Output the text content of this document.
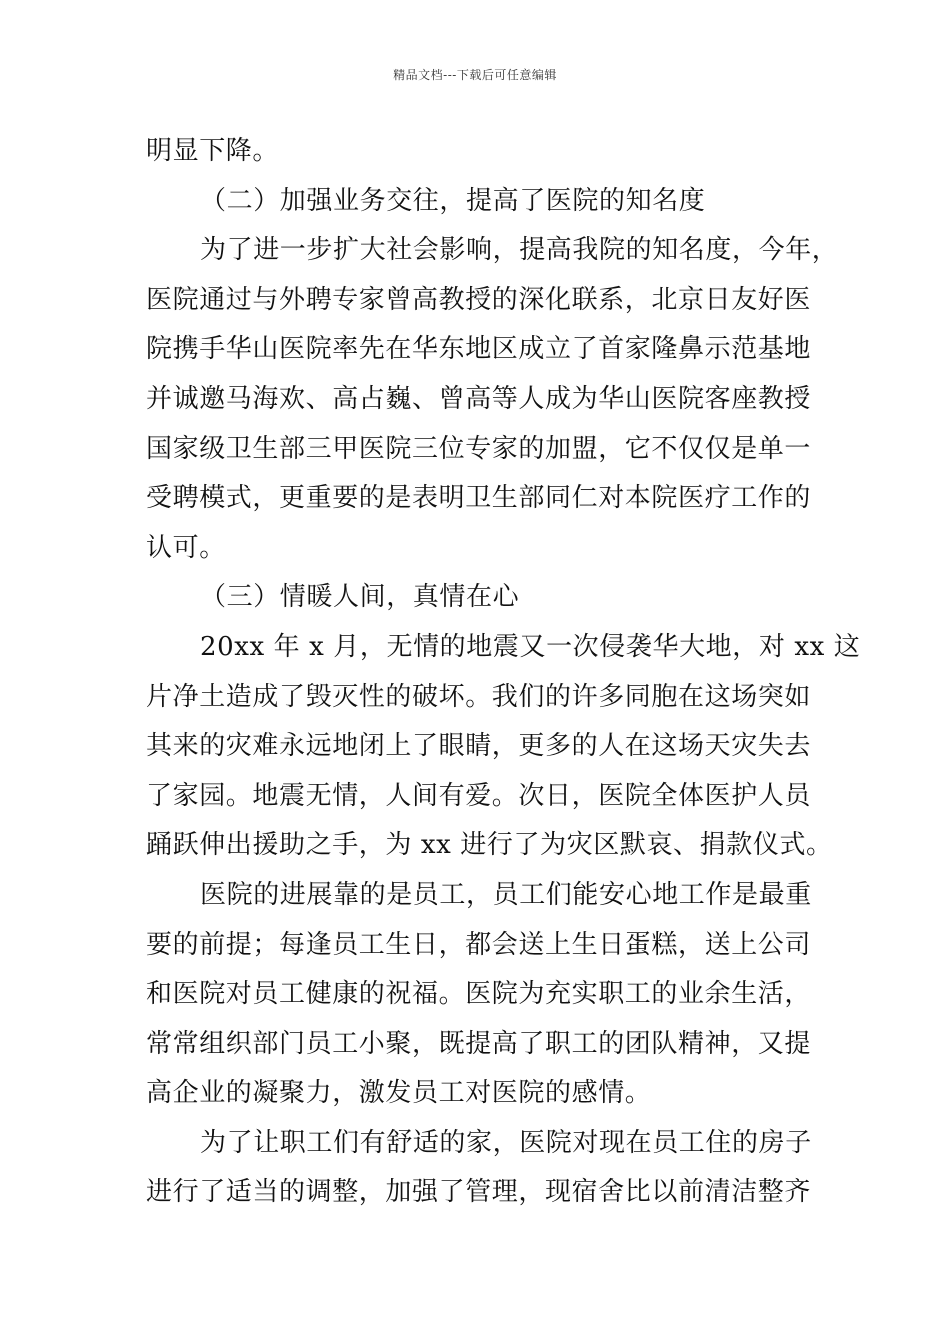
精品文档---下载后可任意编辑
明显下降。
（二）加强业务交往，提高了医院的知名度
为了进一步扩大社会影响，提高我院的知名度，今年，
医院通过与外聘专家曾高教授的深化联系，北京日友好医
院携手华山医院率先在华东地区成立了首家隆鼻示范基地
并诚邀马海欢、高占巍、曾高等人成为华山医院客座教授
国家级卫生部三甲医院三位专家的加盟，它不仅仅是单一
受聘模式，更重要的是表明卫生部同仁对本院医疗工作的
认可。
（三）情暖人间，真情在心
20xx 年 x 月，无情的地震又一次侵袭华大地，对 xx 这
片净土造成了毁灭性的破坏。我们的许多同胞在这场突如
其来的灾难永远地闭上了眼睛，更多的人在这场天灾失去
了家园。地震无情，人间有爱。次日，医院全体医护人员
踊跃伸出援助之手，为 xx 进行了为灾区默哀、捐款仪式。
医院的进展靠的是员工，员工们能安心地工作是最重
要的前提；每逢员工生日，都会送上生日蛋糕，送上公司
和医院对员工健康的祝福。医院为充实职工的业余生活，
常常组织部门员工小聚，既提高了职工的团队精神，又提
高企业的凝聚力，激发员工对医院的感情。
为了让职工们有舒适的家，医院对现在员工住的房子
进行了适当的调整，加强了管理，现宿舍比以前清洁整齐
